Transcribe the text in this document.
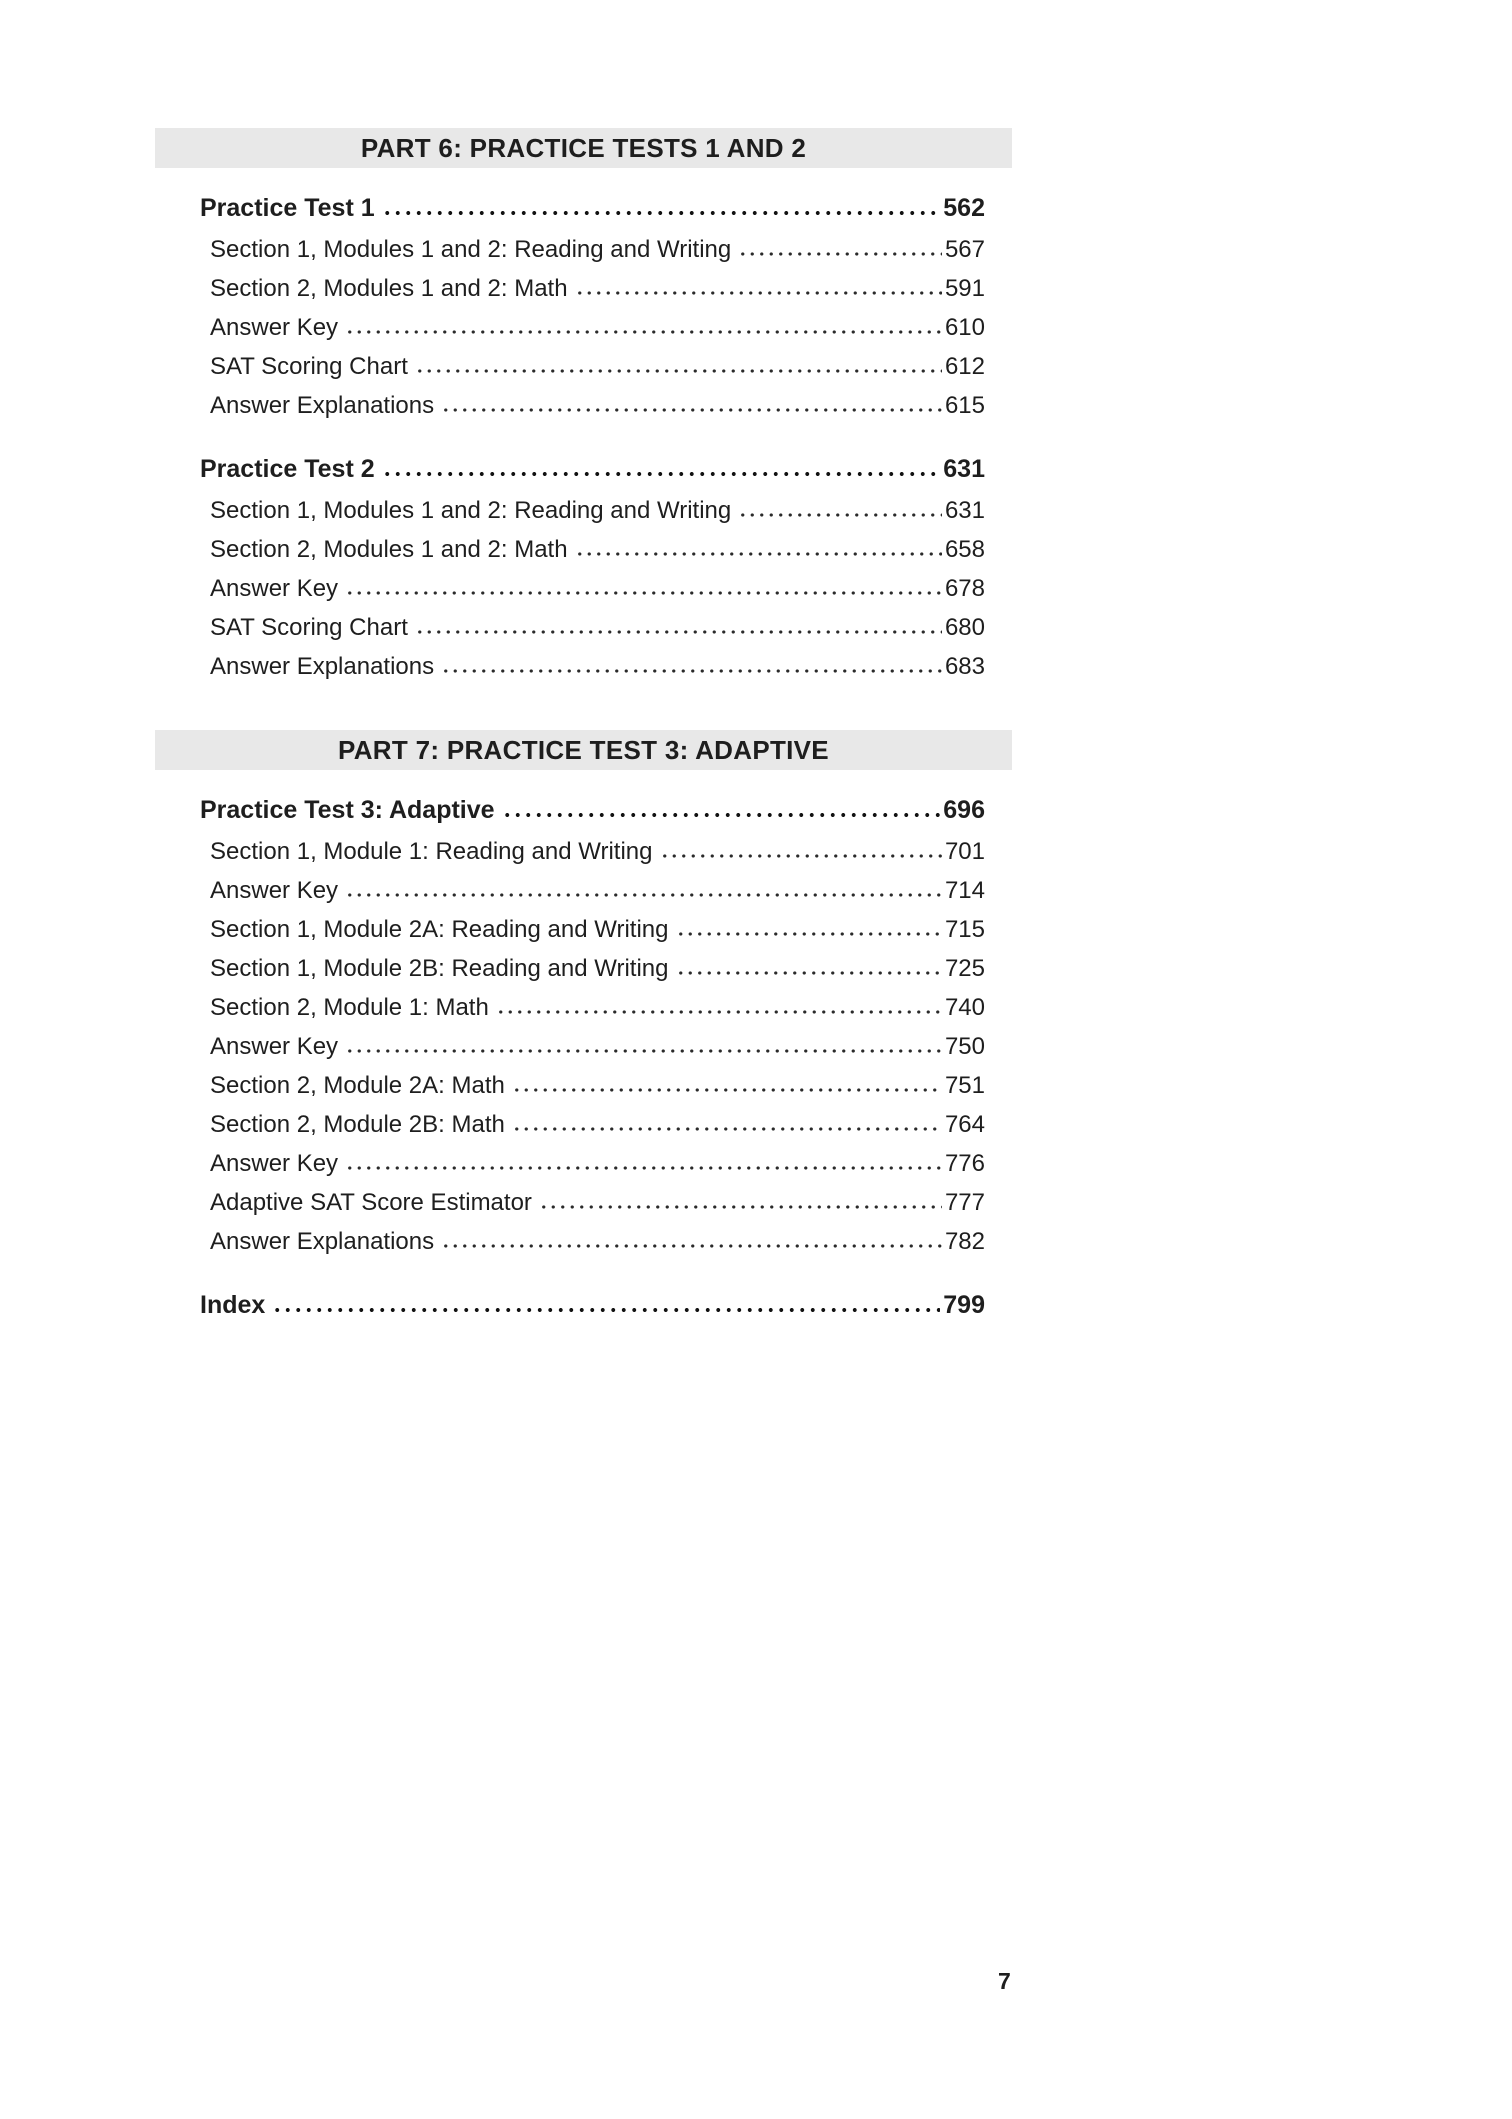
PART 6: PRACTICE TESTS 1 AND 2
Practice Test 1	562
Section 1, Modules 1 and 2: Reading and Writing	567
Section 2, Modules 1 and 2: Math	591
Answer Key	610
SAT Scoring Chart	612
Answer Explanations	615
Practice Test 2	631
Section 1, Modules 1 and 2: Reading and Writing	631
Section 2, Modules 1 and 2: Math	658
Answer Key	678
SAT Scoring Chart	680
Answer Explanations	683
PART 7: PRACTICE TEST 3: ADAPTIVE
Practice Test 3: Adaptive	696
Section 1, Module 1: Reading and Writing	701
Answer Key	714
Section 1, Module 2A: Reading and Writing	715
Section 1, Module 2B: Reading and Writing	725
Section 2, Module 1: Math	740
Answer Key	750
Section 2, Module 2A: Math	751
Section 2, Module 2B: Math	764
Answer Key	776
Adaptive SAT Score Estimator	777
Answer Explanations	782
Index	799
7
